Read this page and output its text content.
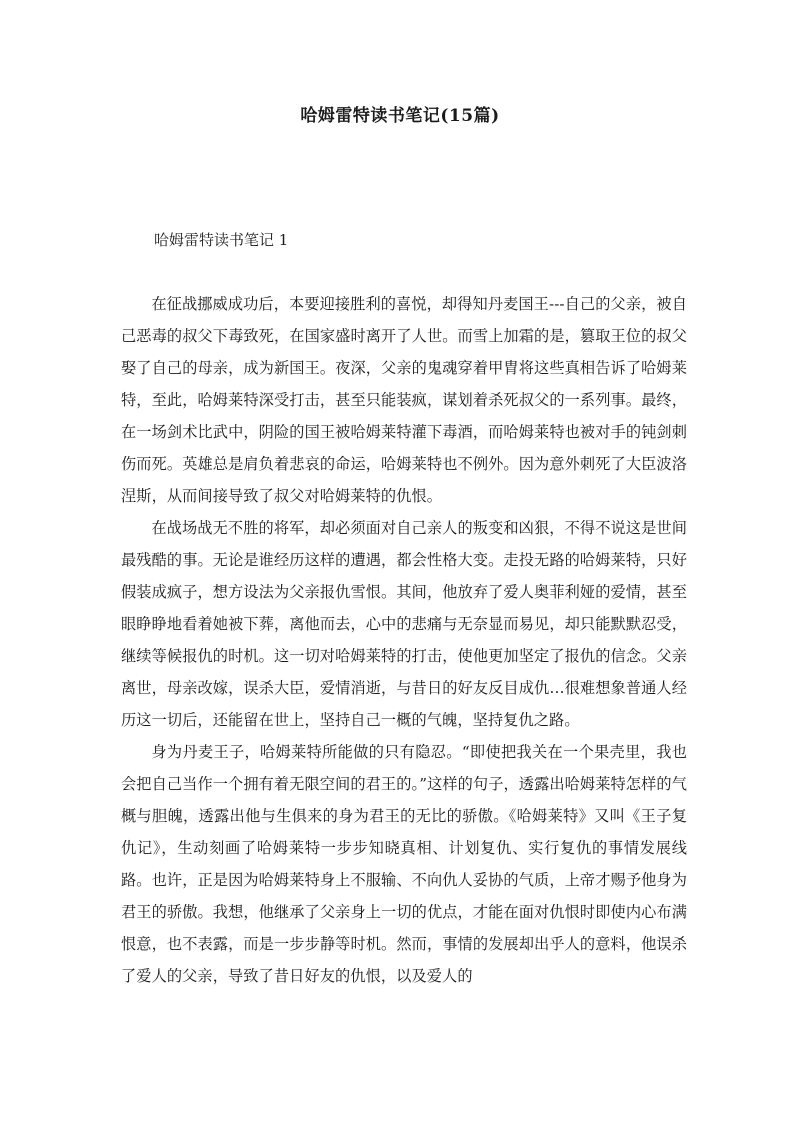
哈姆雷特读书笔记(15篇)
哈姆雷特读书笔记 1

在征战挪威成功后，本要迎接胜利的喜悦，却得知丹麦国王---自己的父亲，被自己恶毒的叔父下毒致死，在国家盛时离开了人世。而雪上加霜的是，篡取王位的叔父娶了自己的母亲，成为新国王。夜深，父亲的鬼魂穿着甲胄将这些真相告诉了哈姆莱特，至此，哈姆莱特深受打击，甚至只能装疯，谋划着杀死叔父的一系列事。最终，在一场剑术比武中，阴险的国王被哈姆莱特灌下毒酒，而哈姆莱特也被对手的钝剑刺伤而死。英雄总是肩负着悲哀的命运，哈姆莱特也不例外。因为意外刺死了大臣波洛涅斯，从而间接导致了叔父对哈姆莱特的仇恨。

在战场战无不胜的将军，却必须面对自己亲人的叛变和凶狠，不得不说这是世间最残酷的事。无论是谁经历这样的遭遇，都会性格大变。走投无路的哈姆莱特，只好假装成疯子，想方设法为父亲报仇雪恨。其间，他放弃了爱人奥菲利娅的爱情，甚至眼睁睁地看着她被下葬，离他而去，心中的悲痛与无奈显而易见，却只能默默忍受，继续等候报仇的时机。这一切对哈姆莱特的打击，使他更加坚定了报仇的信念。父亲离世，母亲改嫁，误杀大臣，爱情消逝，与昔日的好友反目成仇…很难想象普通人经历这一切后，还能留在世上，坚持自己一概的气魄，坚持复仇之路。

身为丹麦王子，哈姆莱特所能做的只有隐忍。“即使把我关在一个果壳里，我也会把自己当作一个拥有着无限空间的君王的。”这样的句子，透露出哈姆莱特怎样的气概与胆魄，透露出他与生俱来的身为君王的无比的骄傲。《哈姆莱特》又叫《王子复仇记》，生动刻画了哈姆莱特一步步知晓真相、计划复仇、实行复仇的事情发展线路。也许，正是因为哈姆莱特身上不服输、不向仇人妥协的气质，上帝才赐予他身为君王的骄傲。我想，他继承了父亲身上一切的优点，才能在面对仇恨时即使内心布满恨意，也不表露，而是一步步静等时机。然而，事情的发展却出乎人的意料，他误杀了爱人的父亲，导致了昔日好友的仇恨，以及爱人的
